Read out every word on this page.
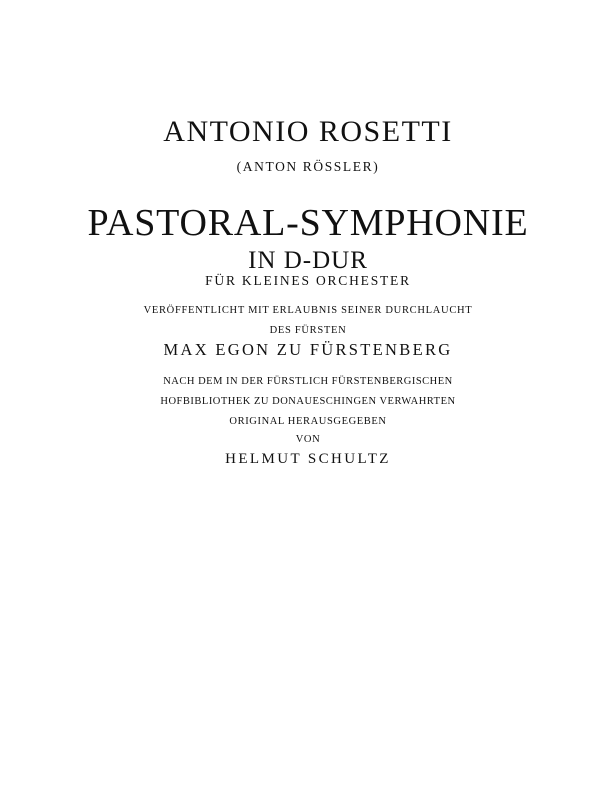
ANTONIO ROSETTI
(ANTON RÖSSLER)
PASTORAL-SYMPHONIE
IN D-DUR
FÜR KLEINES ORCHESTER
VERÖFFENTLICHT MIT ERLAUBNIS SEINER DURCHLAUCHT
DES FÜRSTEN
MAX EGON ZU FÜRSTENBERG
NACH DEM IN DER FÜRSTLICH FÜRSTENBERGISCHEN
HOFBIBLIOTHEK ZU DONAUESCHINGEN VERWAHRTEN
ORIGINAL HERAUSGEGEBEN
VON
HELMUT SCHULTZ
